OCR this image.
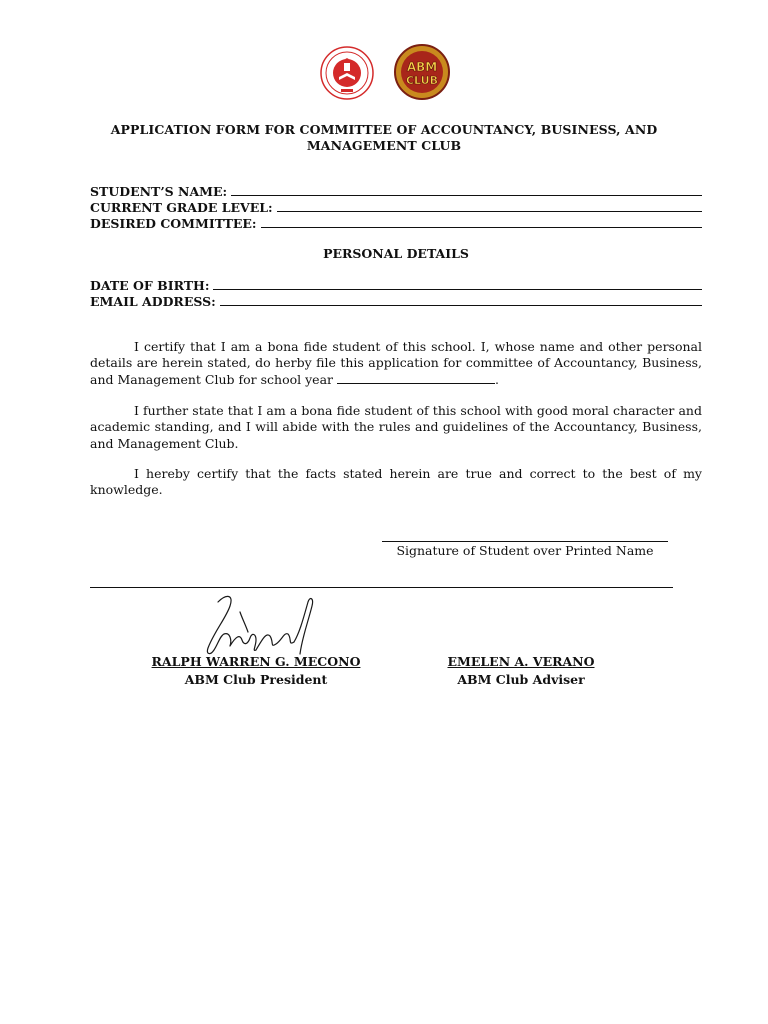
ABM
CLUB
APPLICATION FORM FOR COMMITTEE OF ACCOUNTANCY, BUSINESS, AND
MANAGEMENT CLUB
STUDENT’S NAME:
CURRENT GRADE LEVEL:
DESIRED COMMITTEE:
PERSONAL DETAILS
DATE OF BIRTH:
EMAIL ADDRESS:
I certify that I am a bona fide student of this school. I, whose name and other personal details are herein stated, do herby file this application for committee of Accountancy, Business, and Management Club for school year	.
I further state that I am a bona fide student of this school with good moral character and academic standing, and I will abide with the rules and guidelines of the Accountancy, Business, and Management Club.
I hereby certify that the facts stated herein are true and correct to the best of my knowledge.
Signature of Student over Printed Name
RALPH WARREN G. MECONO
ABM Club President
EMELEN A. VERANO
ABM Club Adviser
